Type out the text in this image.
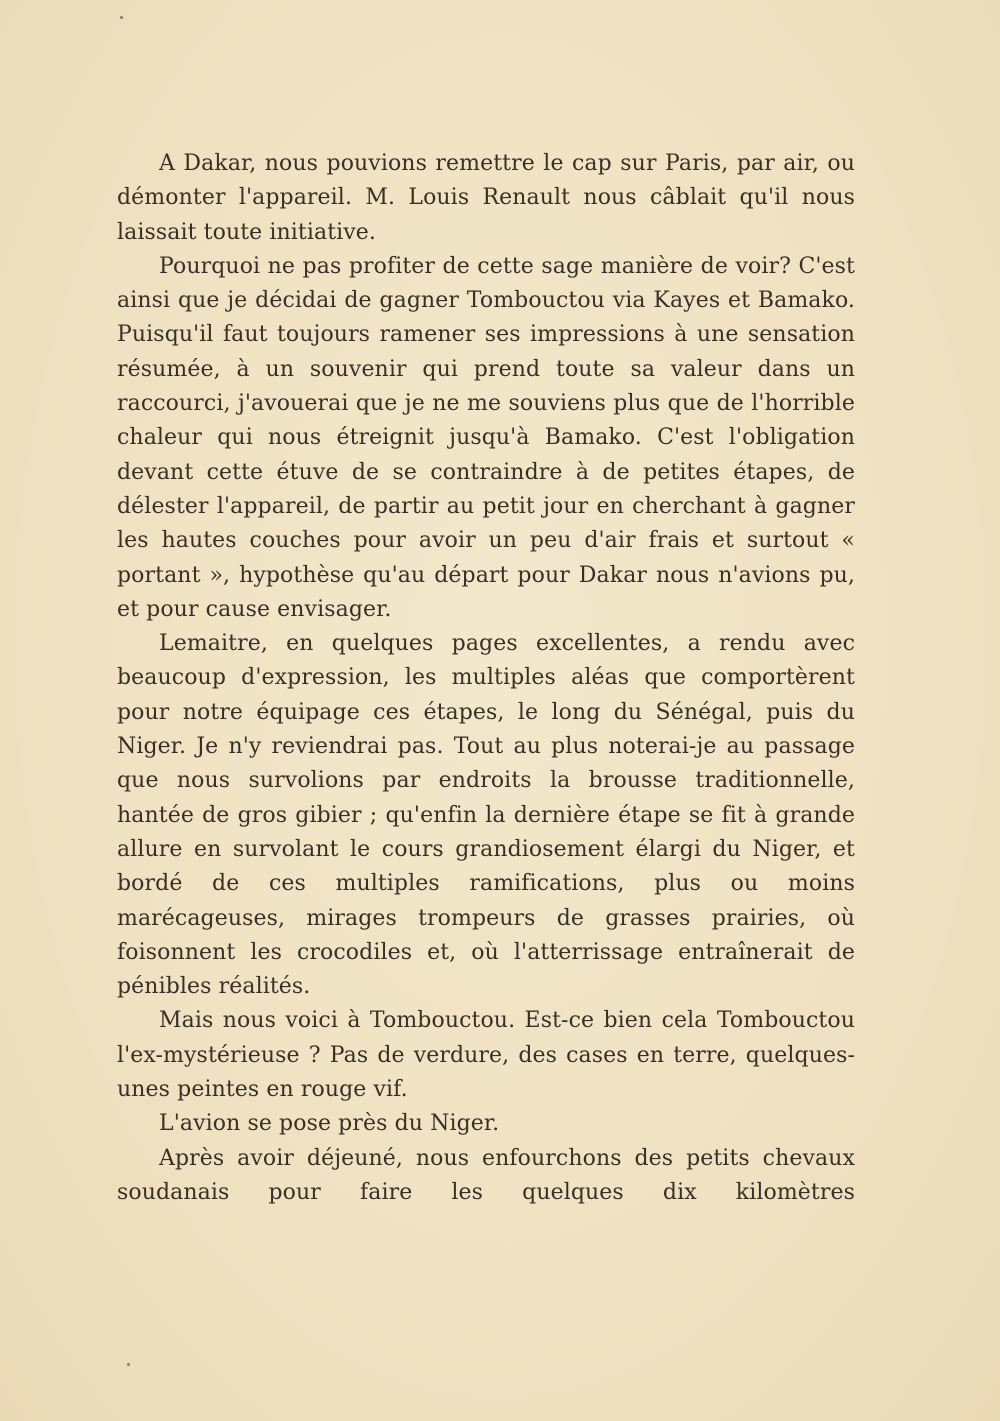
A Dakar, nous pouvions remettre le cap sur Paris, par air, ou démonter l'appareil. M. Louis Renault nous câblait qu'il nous laissait toute initiative.

Pourquoi ne pas profiter de cette sage manière de voir? C'est ainsi que je décidai de gagner Tombouctou via Kayes et Bamako. Puisqu'il faut toujours ramener ses impressions à une sensation résumée, à un souvenir qui prend toute sa valeur dans un raccourci, j'avouerai que je ne me souviens plus que de l'horrible chaleur qui nous étreignit jusqu'à Bamako. C'est l'obligation devant cette étuve de se contraindre à de petites étapes, de délester l'appareil, de partir au petit jour en cherchant à gagner les hautes couches pour avoir un peu d'air frais et surtout « portant », hypothèse qu'au départ pour Dakar nous n'avions pu, et pour cause envisager.

Lemaitre, en quelques pages excellentes, a rendu avec beaucoup d'expression, les multiples aléas que comportèrent pour notre équipage ces étapes, le long du Sénégal, puis du Niger. Je n'y reviendrai pas. Tout au plus noterai-je au passage que nous survolions par endroits la brousse traditionnelle, hantée de gros gibier ; qu'enfin la dernière étape se fit à grande allure en survolant le cours grandiosement élargi du Niger, et bordé de ces multiples ramifications, plus ou moins marécageuses, mirages trompeurs de grasses prairies, où foisonnent les crocodiles et, où l'atterrissage entraînerait de pénibles réalités.

Mais nous voici à Tombouctou. Est-ce bien cela Tombouctou l'ex-mystérieuse ? Pas de verdure, des cases en terre, quelques-unes peintes en rouge vif.

L'avion se pose près du Niger.

Après avoir déjeuné, nous enfourchons des petits chevaux soudanais pour faire les quelques dix kilomètres
